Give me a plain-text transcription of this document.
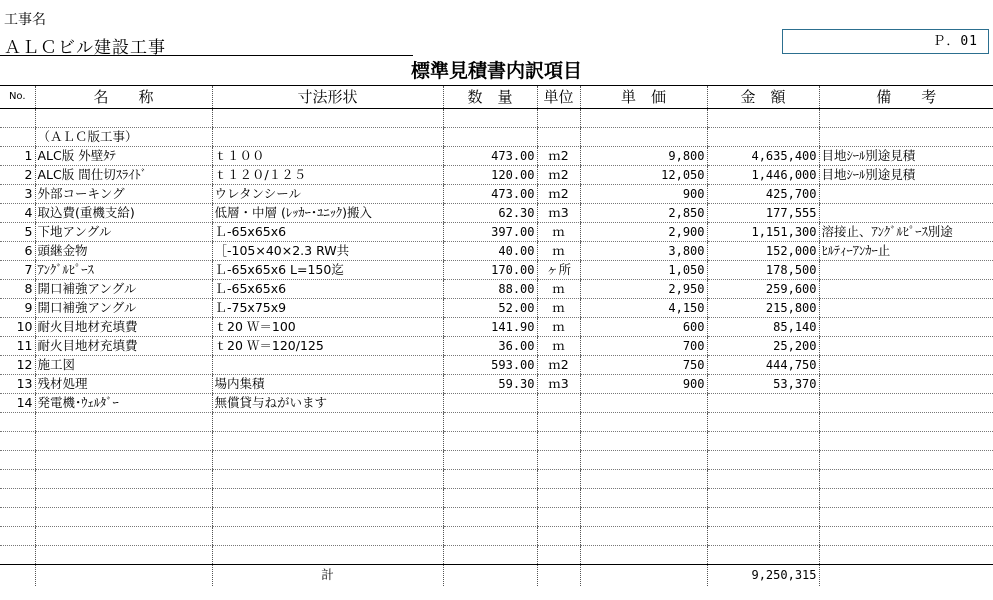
工事名
ＡＬＣビル建設工事	Ｐ．01
標準見積書内訳項目
No.	名　　称	寸法形状	数　量	単位	単　価	金　額	備　　考

	（ＡＬＣ版工事）						
1	ALC版 外壁ﾀﾃ	ｔ１００	473.00	ｍ2	9,800	4,635,400	目地ｼｰﾙ別途見積
2	ALC版 間仕切ｽﾗｲﾄﾞ	ｔ１２０/１２５	120.00	ｍ2	12,050	1,446,000	目地ｼｰﾙ別途見積
3	外部コーキング	ウレタンシール	473.00	ｍ2	900	425,700	
4	取込費(重機支給)	低層・中層 (ﾚｯｶｰ･ﾕﾆｯｸ)搬入	62.30	ｍ3	2,850	177,555	
5	下地アングル	Ｌ-65x65x6	397.00	ｍ	2,900	1,151,300	溶接止、ｱﾝｸﾞﾙﾋﾟｰｽ別途
6	頭継金物	［-105×40×2.3 RW共	40.00	ｍ	3,800	152,000	ﾋﾙﾃｨｰｱﾝｶｰ止
7	ｱﾝｸﾞﾙﾋﾟｰｽ	Ｌ-65x65x6 L=150迄	170.00	ヶ所	1,050	178,500	
8	開口補強アングル	Ｌ-65x65x6	88.00	ｍ	2,950	259,600	
9	開口補強アングル	Ｌ-75x75x9	52.00	ｍ	4,150	215,800	
10	耐火目地材充填費	ｔ20 Ｗ＝100	141.90	ｍ	600	85,140	
11	耐火目地材充填費	ｔ20 Ｗ＝120/125	36.00	ｍ	700	25,200	
12	施工図		593.00	ｍ2	750	444,750	
13	残材処理	場内集積	59.30	ｍ3	900	53,370	
14	発電機･ｳｪﾙﾀﾞｰ	無償貸与ねがいます					

		計				9,250,315	
